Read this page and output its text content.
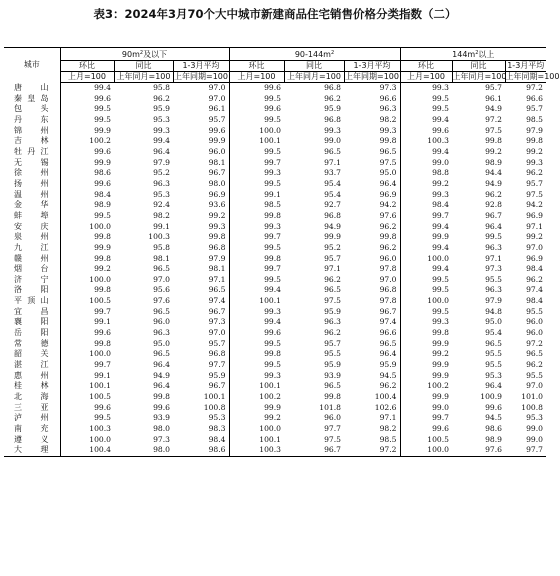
表3：2024年3月70个大中城市新建商品住宅销售价格分类指数（二）
城市	$90m^2$及以下			$90-144m^2$			$144m^2$以上		
	环比	同比	1-3月平均	环比	同比	1-3月平均	环比	同比	1-3月平均
	上月=100	上年同月=100	上年同期=100	上月=100	上年同月=100	上年同期=100	上月=100	上年同月=100	上年同期=100
唐山	99.4	95.8	97.0	99.6	96.8	97.3	99.3	95.7	97.2
秦皇岛	99.6	96.2	97.0	99.5	96.2	96.6	99.5	96.1	96.6
包头	99.5	95.9	96.1	99.6	95.9	96.3	99.5	94.9	95.7
丹东	99.5	95.3	95.7	99.5	96.8	98.2	99.4	97.2	98.5
锦州	99.9	99.3	99.6	100.0	99.3	99.3	99.6	97.5	97.9
吉林	100.2	99.4	99.9	100.1	99.0	99.8	100.3	99.8	99.8
牡丹江	99.6	96.4	96.0	99.5	96.5	96.5	99.4	99.2	99.2
无锡	99.9	97.9	98.1	99.7	97.1	97.5	99.0	98.9	99.3
徐州	98.6	95.2	96.7	99.3	93.7	95.0	98.8	94.4	96.2
扬州	99.6	96.3	98.0	99.5	95.4	96.4	99.2	94.9	95.7
温州	98.4	95.3	96.9	99.1	95.4	96.9	99.3	96.2	97.5
金华	98.9	92.4	93.6	98.5	92.7	94.2	98.4	92.8	94.2
蚌埠	99.5	98.2	99.2	99.8	96.8	97.6	99.7	96.7	96.9
安庆	100.0	99.1	99.3	99.3	94.9	96.2	99.4	96.4	97.1
泉州	99.8	100.3	99.8	99.7	99.9	99.8	99.9	99.5	99.2
九江	99.9	95.8	96.8	99.5	95.2	96.2	99.4	96.3	97.0
赣州	99.8	98.1	97.9	99.8	95.7	96.0	100.0	97.1	96.9
烟台	99.2	96.5	98.1	99.7	97.1	97.8	99.4	97.3	98.4
济宁	100.0	97.0	97.1	99.5	96.2	97.0	99.5	95.5	96.2
洛阳	99.8	95.6	96.5	99.4	96.5	96.8	99.5	96.3	97.4
平顶山	100.5	97.6	97.4	100.1	97.5	97.8	100.0	97.9	98.4
宜昌	99.7	96.5	96.7	99.3	95.9	96.7	99.5	94.8	95.5
襄阳	99.1	96.0	97.3	99.4	96.3	97.4	99.3	95.0	96.0
岳阳	99.6	96.3	97.0	99.6	96.2	96.6	99.8	95.4	96.0
常德	99.8	95.0	95.7	99.5	95.7	96.5	99.9	96.5	97.2
韶关	100.0	96.5	96.8	99.8	95.5	96.4	99.2	95.5	96.5
湛江	99.7	96.4	97.7	99.5	95.9	95.9	99.9	95.5	96.2
惠州	99.1	94.9	95.9	99.3	93.9	94.5	99.9	95.3	95.5
桂林	100.1	96.4	96.7	100.1	96.5	96.2	100.2	96.4	97.0
北海	100.5	99.8	100.1	100.2	99.8	100.4	99.9	100.9	101.0
三亚	99.6	99.6	100.8	99.9	101.8	102.6	99.0	99.6	100.8
泸州	99.5	93.9	95.3	99.2	96.0	97.1	99.7	94.5	95.3
南充	100.3	98.0	98.3	100.0	97.7	98.2	99.6	98.6	99.0
遵义	100.0	97.3	98.4	100.1	97.5	98.5	100.5	98.9	99.0
大理	100.4	98.0	98.6	100.3	96.7	97.2	100.0	97.6	97.7
